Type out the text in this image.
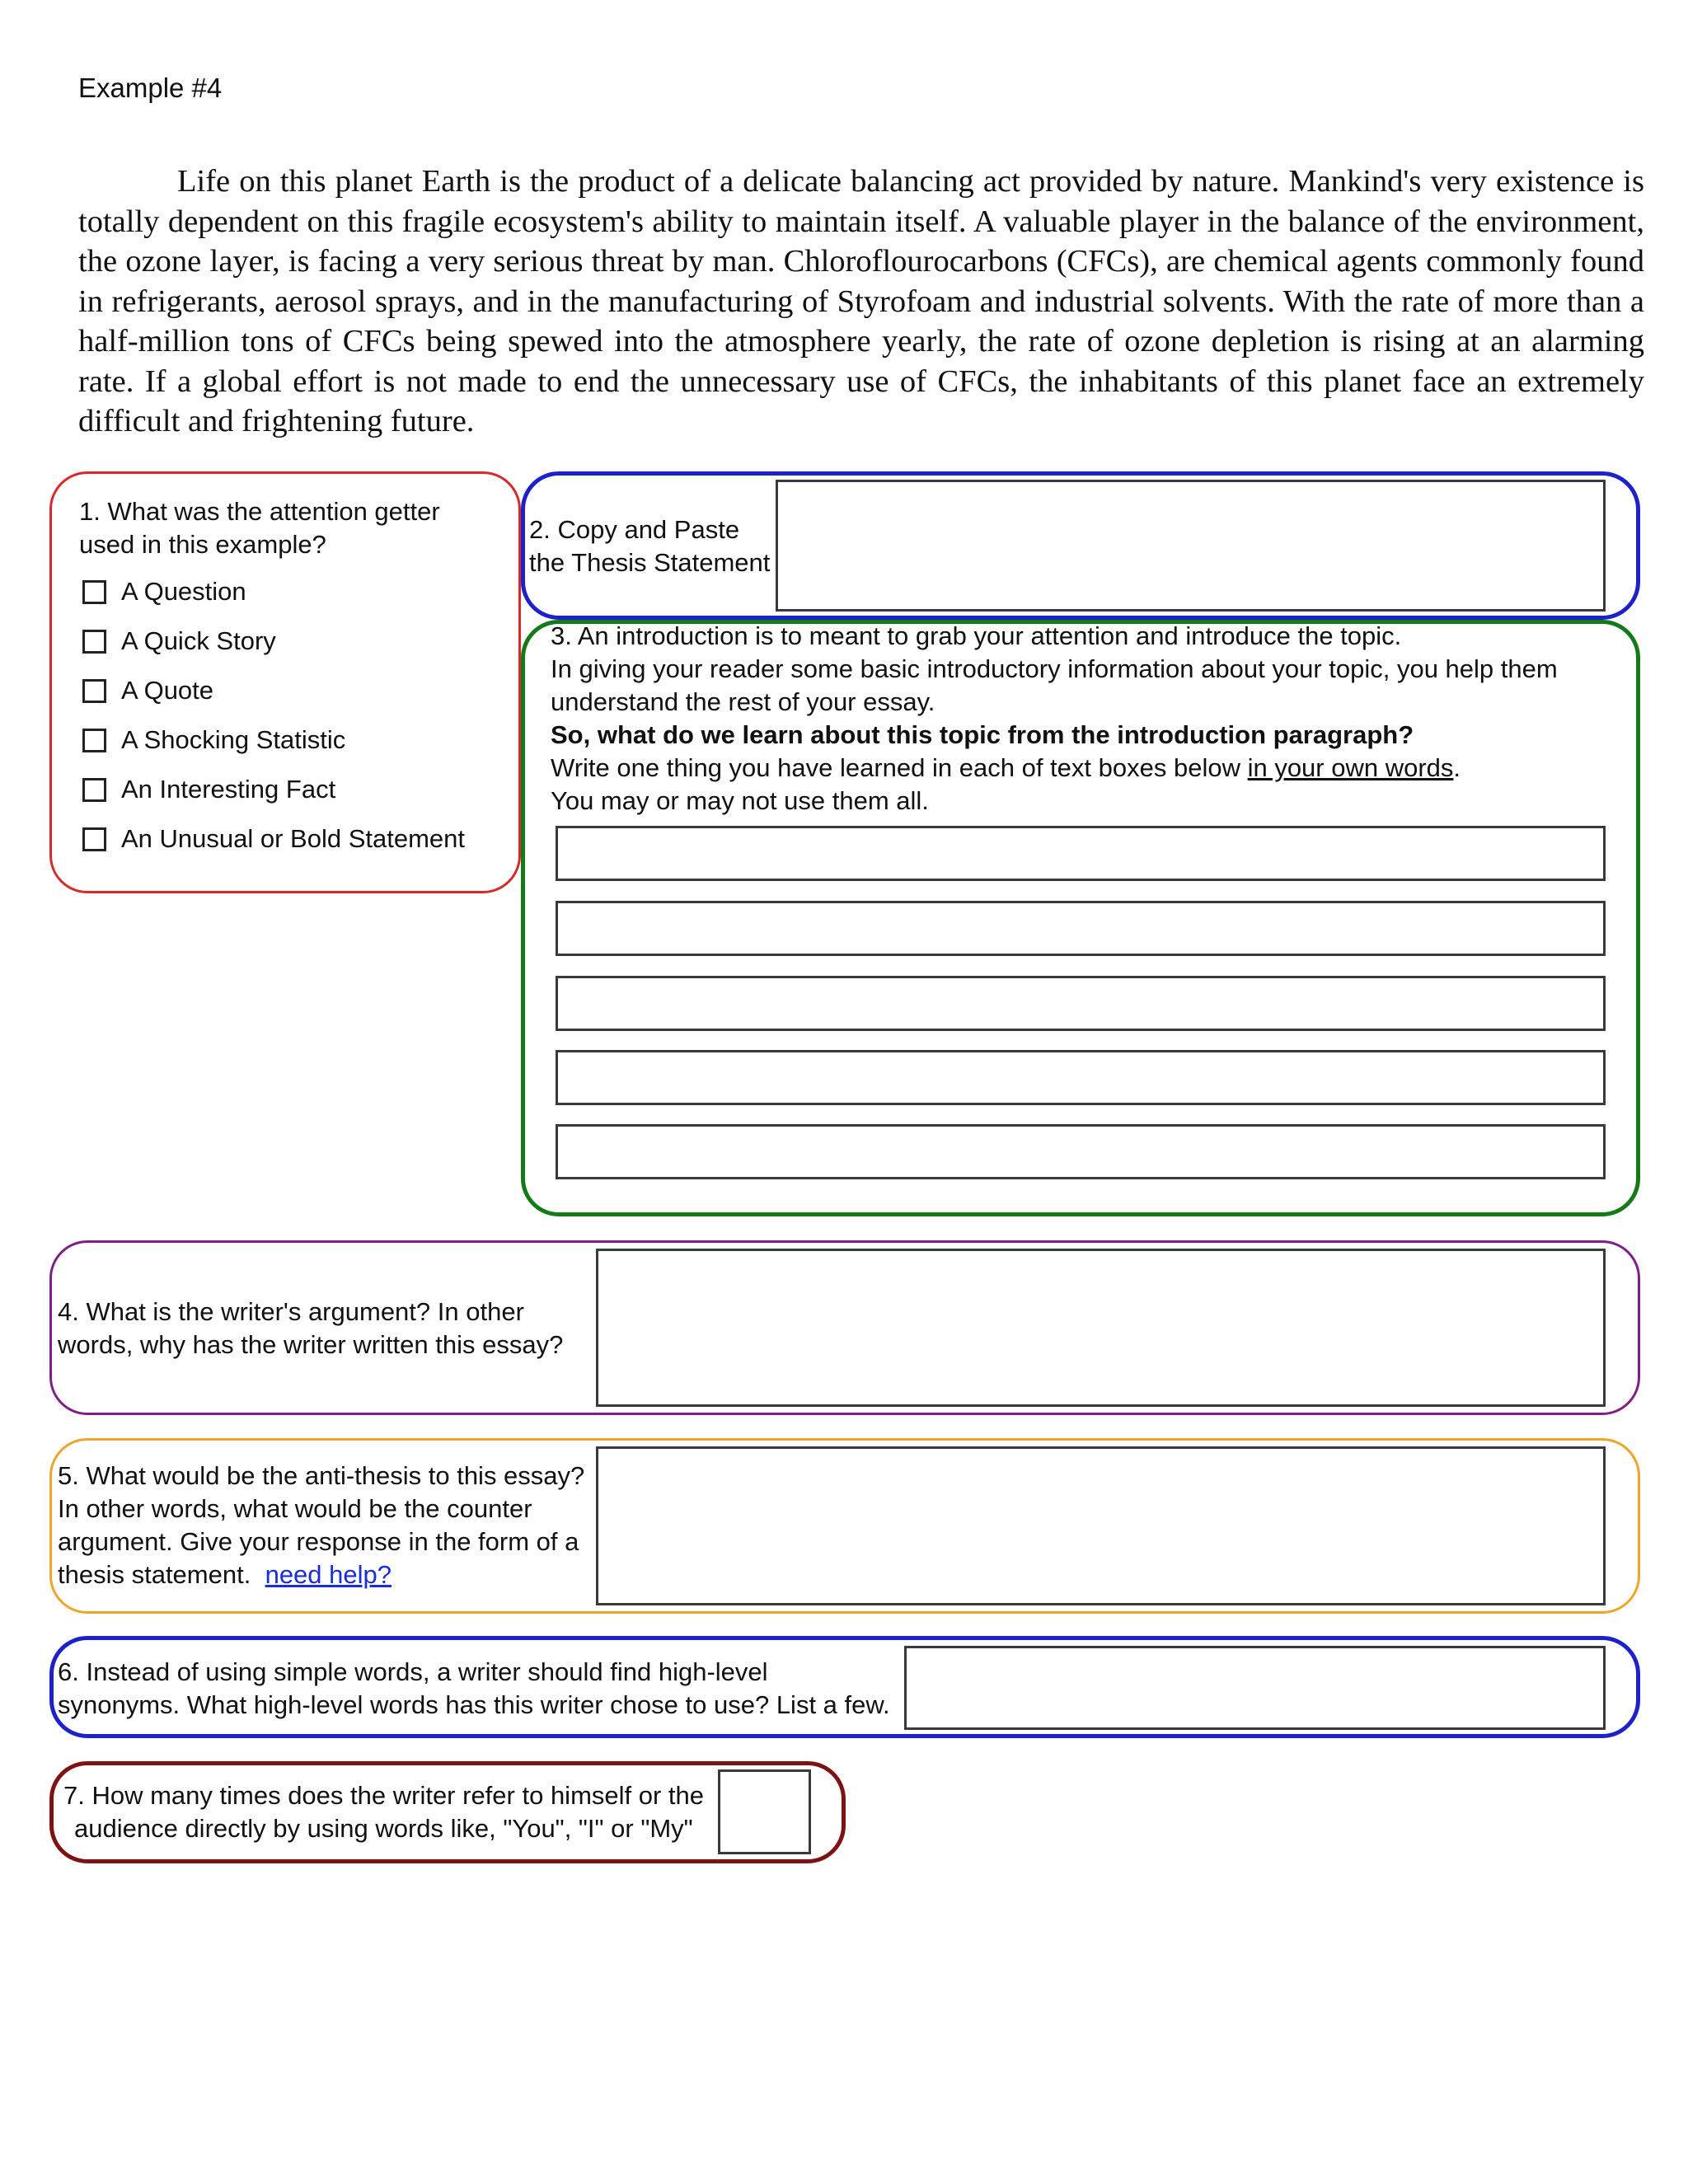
Example #4

Life on this planet Earth is the product of a delicate balancing act provided by nature. Mankind's very existence is totally dependent on this fragile ecosystem's ability to maintain itself. A valuable player in the balance of the environment, the ozone layer, is facing a very serious threat by man. Chloroflourocarbons (CFCs), are chemical agents commonly found in refrigerants, aerosol sprays, and in the manufacturing of Styrofoam and industrial solvents. With the rate of more than a half-million tons of CFCs being spewed into the atmosphere yearly, the rate of ozone depletion is rising at an alarming rate. If a global effort is not made to end the unnecessary use of CFCs, the inhabitants of this planet face an extremely difficult and frightening future.

1. What was the attention getter
used in this example?
A Question
A Quick Story
A Quote
A Shocking Statistic
An Interesting Fact
An Unusual or Bold Statement
2. Copy and Paste
the Thesis Statement
3. An introduction is to meant to grab your attention and introduce the topic.
In giving your reader some basic introductory information about your topic, you help them
understand the rest of your essay.
So, what do we learn about this topic from the introduction paragraph?
Write one thing you have learned in each of text boxes below in your own words.
You may or may not use them all.
4. What is the writer's argument? In other
words, why has the writer written this essay?
5. What would be the anti-thesis to this essay?
In other words, what would be the counter
argument. Give your response in the form of a
thesis statement.  need help?
6. Instead of using simple words, a writer should find high-level
synonyms. What high-level words has this writer chose to use? List a few.
7. How many times does the writer refer to himself or the
audience directly by using words like, "You", "I" or "My"
